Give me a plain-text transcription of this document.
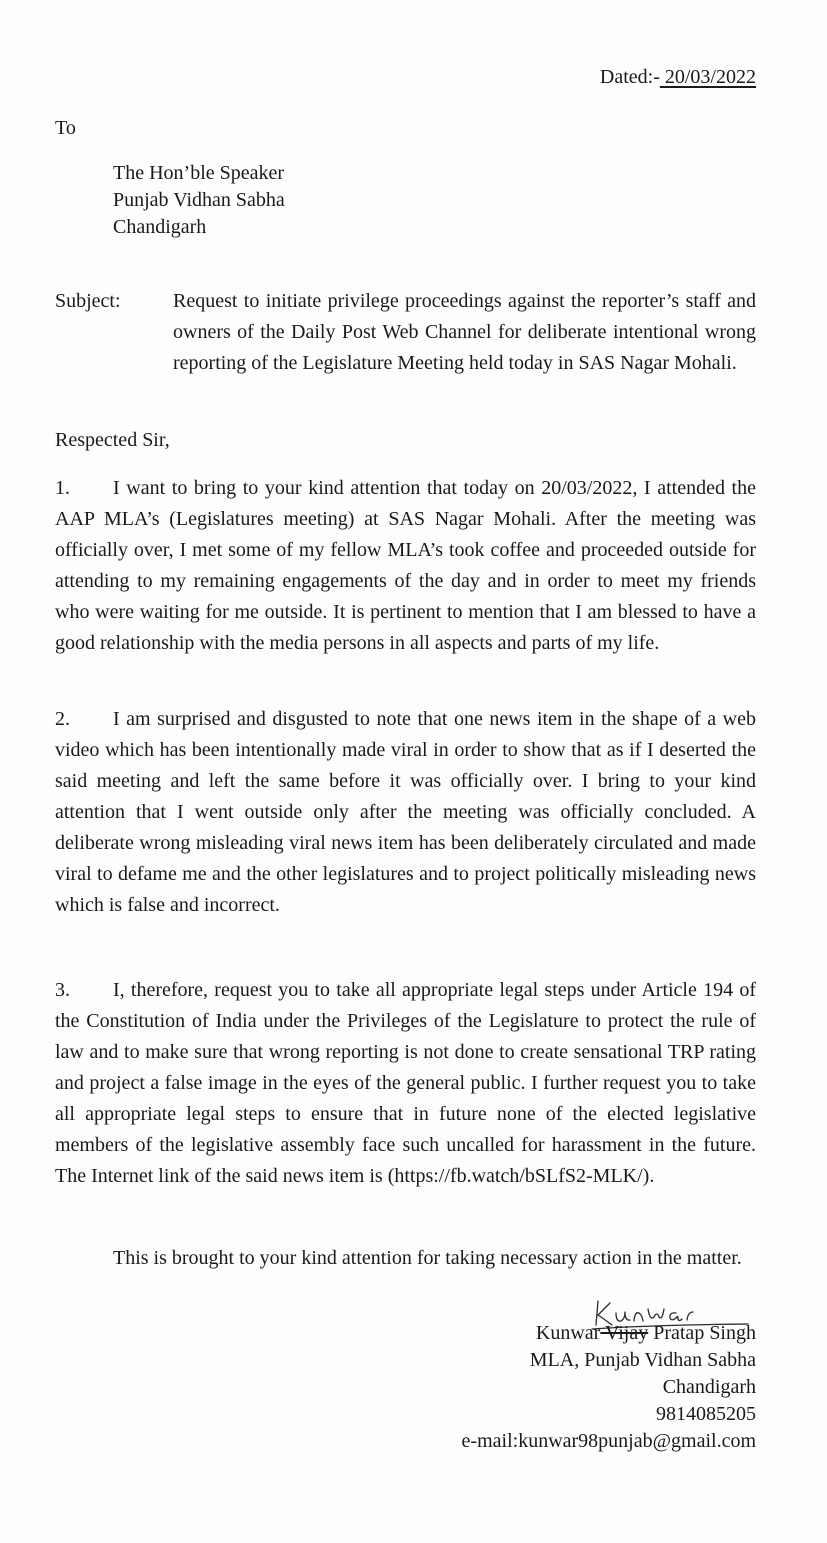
Dated:- 20/03/2022
To
The Hon’ble Speaker
Punjab Vidhan Sabha
Chandigarh
Subject:	Request to initiate privilege proceedings against the reporter’s staff and owners of the Daily Post Web Channel for deliberate intentional wrong reporting of the Legislature Meeting held today in SAS Nagar Mohali.
Respected Sir,
1. I want to bring to your kind attention that today on 20/03/2022, I attended the AAP MLA’s (Legislatures meeting) at SAS Nagar Mohali. After the meeting was officially over, I met some of my fellow MLA’s took coffee and proceeded outside for attending to my remaining engagements of the day and in order to meet my friends who were waiting for me outside. It is pertinent to mention that I am blessed to have a good relationship with the media persons in all aspects and parts of my life.
2. I am surprised and disgusted to note that one news item in the shape of a web video which has been intentionally made viral in order to show that as if I deserted the said meeting and left the same before it was officially over. I bring to your kind attention that I went outside only after the meeting was officially concluded. A deliberate wrong misleading viral news item has been deliberately circulated and made viral to defame me and the other legislatures and to project politically misleading news which is false and incorrect.
3. I, therefore, request you to take all appropriate legal steps under Article 194 of the Constitution of India under the Privileges of the Legislature to protect the rule of law and to make sure that wrong reporting is not done to create sensational TRP rating and project a false image in the eyes of the general public. I further request you to take all appropriate legal steps to ensure that in future none of the elected legislative members of the legislative assembly face such uncalled for harassment in the future. The Internet link of the said news item is (https://fb.watch/bSLfS2-MLK/).
This is brought to your kind attention for taking necessary action in the matter.
Kunwar Vijay Pratap Singh
MLA, Punjab Vidhan Sabha
Chandigarh
9814085205
e-mail:kunwar98punjab@gmail.com
